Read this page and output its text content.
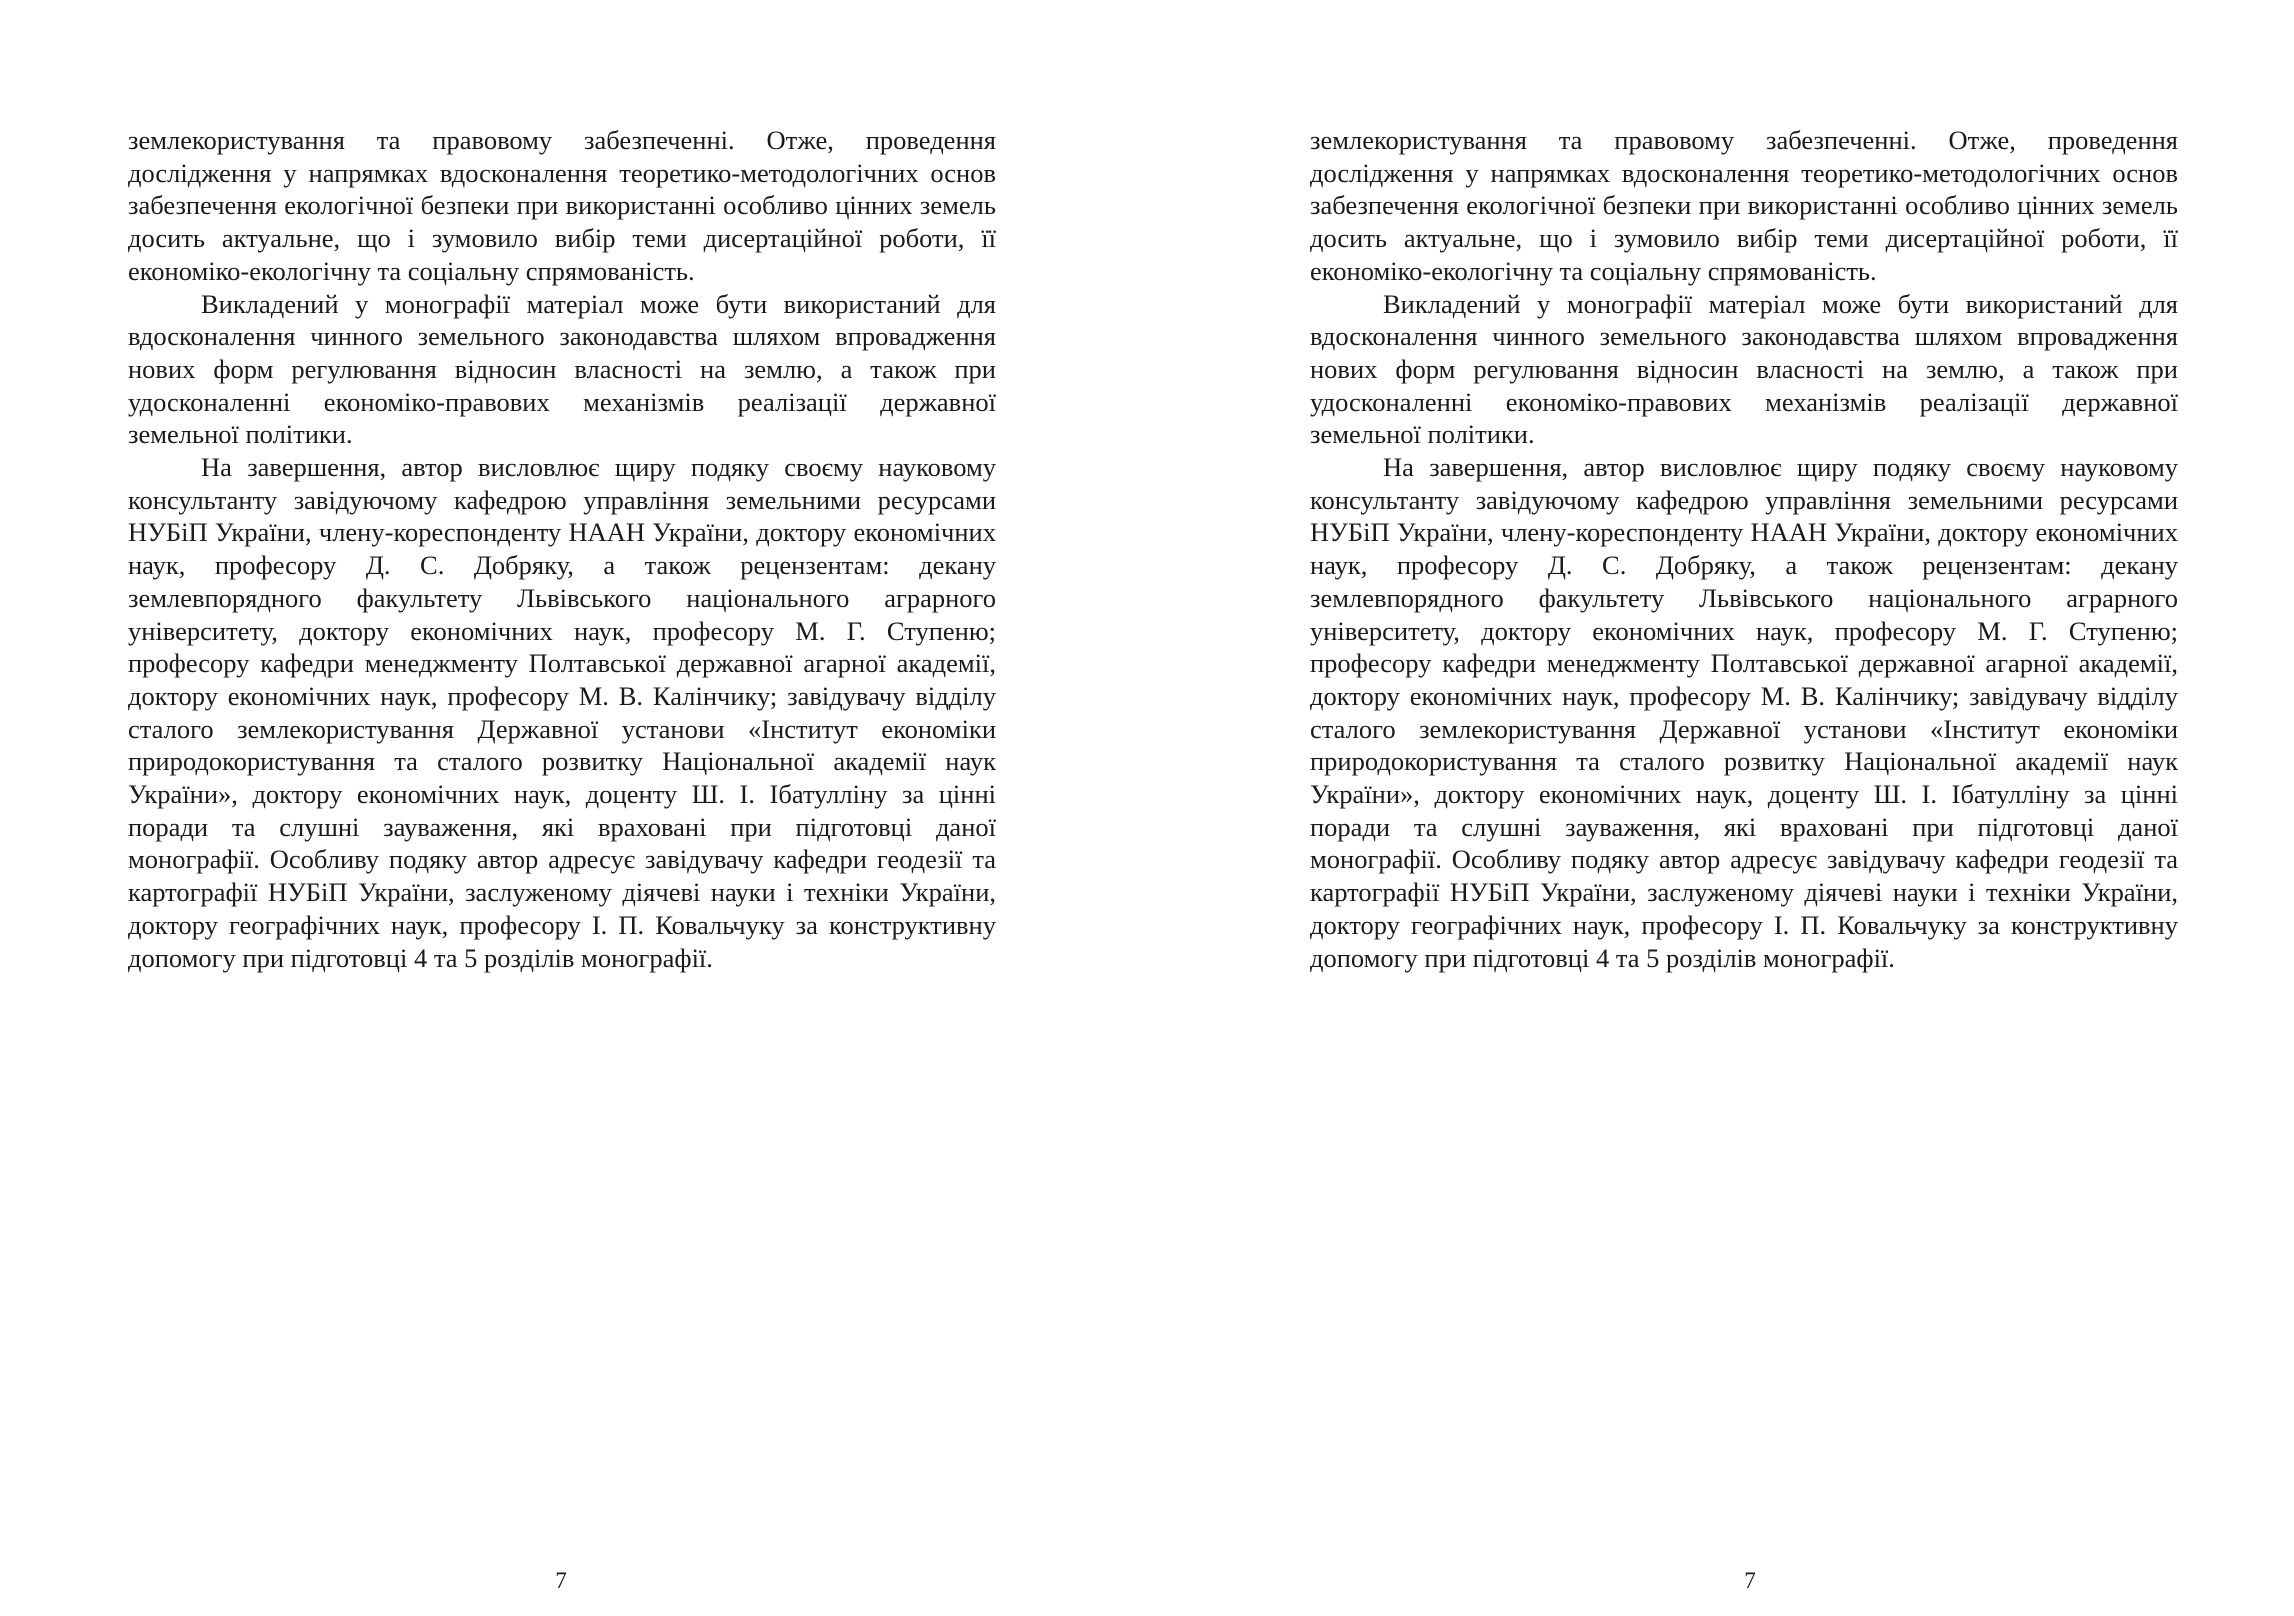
землекористування та правовому забезпеченні. Отже, проведення дослідження у напрямках вдосконалення теоретико-методологічних основ забезпечення екологічної безпеки при використанні особливо цінних земель досить актуальне, що і зумовило вибір теми дисертаційної роботи, її економіко-екологічну та соціальну спрямованість.

Викладений у монографії матеріал може бути використаний для вдосконалення чинного земельного законодавства шляхом впровадження нових форм регулювання відносин власності на землю, а також при удосконаленні економіко-правових механізмів реалізації державної земельної політики.

На завершення, автор висловлює щиру подяку своєму науковому консультанту завідуючому кафедрою управління земельними ресурсами НУБіП України, члену-кореспонденту НААН України, доктору економічних наук, професору Д. С. Добряку, а також рецензентам: декану землевпорядного факультету Львівського національного аграрного університету, доктору економічних наук, професору М. Г. Ступеню; професору кафедри менеджменту Полтавської державної агарної академії, доктору економічних наук, професору М. В. Калінчику; завідувачу відділу сталого землекористування Державної установи «Інститут економіки природокористування та сталого розвитку Національної академії наук України», доктору економічних наук, доценту Ш. І. Ібатулліну за цінні поради та слушні зауваження, які враховані при підготовці даної монографії. Особливу подяку автор адресує завідувачу кафедри геодезії та картографії НУБіП України, заслуженому діячеві науки і техніки України, доктору географічних наук, професору І. П. Ковальчуку за конструктивну допомогу при підготовці 4 та 5 розділів монографії.

7

землекористування та правовому забезпеченні. Отже, проведення дослідження у напрямках вдосконалення теоретико-методологічних основ забезпечення екологічної безпеки при використанні особливо цінних земель досить актуальне, що і зумовило вибір теми дисертаційної роботи, її економіко-екологічну та соціальну спрямованість.

Викладений у монографії матеріал може бути використаний для вдосконалення чинного земельного законодавства шляхом впровадження нових форм регулювання відносин власності на землю, а також при удосконаленні економіко-правових механізмів реалізації державної земельної політики.

На завершення, автор висловлює щиру подяку своєму науковому консультанту завідуючому кафедрою управління земельними ресурсами НУБіП України, члену-кореспонденту НААН України, доктору економічних наук, професору Д. С. Добряку, а також рецензентам: декану землевпорядного факультету Львівського національного аграрного університету, доктору економічних наук, професору М. Г. Ступеню; професору кафедри менеджменту Полтавської державної агарної академії, доктору економічних наук, професору М. В. Калінчику; завідувачу відділу сталого землекористування Державної установи «Інститут економіки природокористування та сталого розвитку Національної академії наук України», доктору економічних наук, доценту Ш. І. Ібатулліну за цінні поради та слушні зауваження, які враховані при підготовці даної монографії. Особливу подяку автор адресує завідувачу кафедри геодезії та картографії НУБіП України, заслуженому діячеві науки і техніки України, доктору географічних наук, професору І. П. Ковальчуку за конструктивну допомогу при підготовці 4 та 5 розділів монографії.

7
